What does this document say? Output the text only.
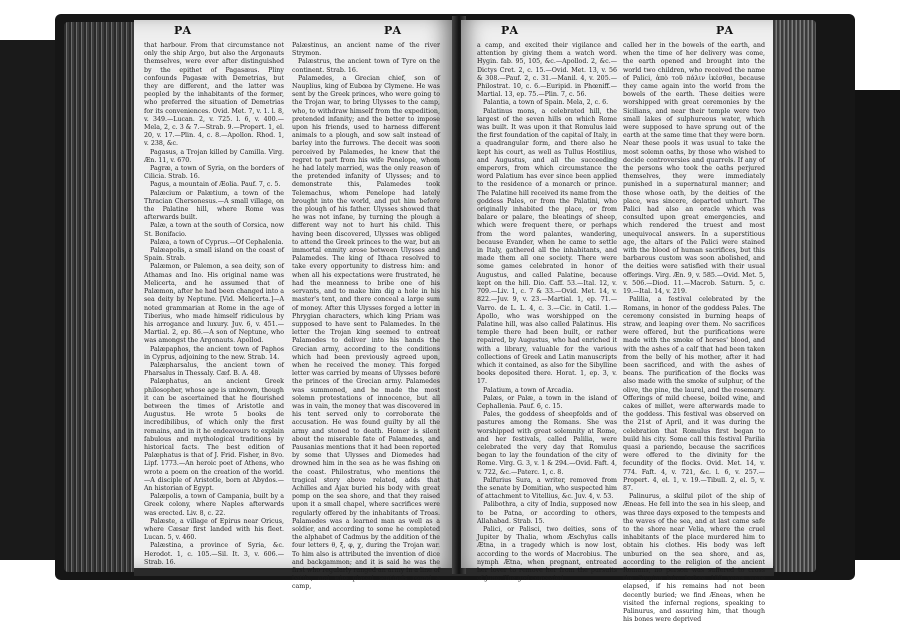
PA	PA

that harbour. From that circumstance not only the ship Argo, but also the Argonauts themselves, were ever after distinguished by the epithet of Pagasæus. Pliny confounds Pagasæ with Demetrias, but they are different, and the latter was peopled by the inhabitants of the former, who preferred the situation of Demetrias for its conveniences. Ovid. Met. 7, v. 1. l. 8, v. 349.—Lucan. 2, v. 725. l. 6, v. 400.—Mela, 2, c. 3 & 7.—Strab. 9.—Propert. 1, el. 20, v. 17.—Plin. 4, c. 8.—Apollon. Rhod. 1, v. 238, &c.

Pagasus, a Trojan killed by Camilla. Virg. Æn. 11, v. 670.

Pagræ, a town of Syria, on the borders of Cilicia. Strab. 16.

Pagus, a mountain of Æolia. Pauf. 7, c. 5.

Palæcium or Palætium, a town of the Thracian Chersonesus.—A small village, on the Palatine hill, where Rome was afterwards built.

Palæ, a town at the south of Corsica, now St. Bonifacio.

Palæa, a town of Cyprus.—Of Cephalenia.

Palæapolis, a small island on the coast of Spain. Strab.

Palæmon, or Palemon, a sea deity, son of Athamas and Ino. His original name was Melicerta, and he assumed that of Palæmon, after he had been changed into a sea deity by Neptune. [Vid. Melicerta.]—A noted grammarian at Rome in the age of Tiberius, who made himself ridiculous by his arrogance and luxury. Juv. 6, v. 451.—Martial. 2, ep. 86.—A son of Neptune, who was amongst the Argonauts. Apollod.

Palæpaphos, the ancient town of Paphos in Cyprus, adjoining to the new. Strab. 14.

Palæpharsalus, the ancient town of Pharsalus in Thessaly. Cæf. B. A. 48.

Palæphatus, an ancient Greek philosopher, whose age is unknown, though it can be ascertained that he flourished between the times of Aristotle and Augustus. He wrote 5 books de incredibilibus, of which only the first remains, and in it he endeavours to explain fabulous and mythological traditions by historical facts. The best edition of Palæphatus is that of J. Frid. Fisher, in 8vo. Lipf. 1773.—An heroic poet of Athens, who wrote a poem on the creation of the world.—A disciple of Aristotle, born at Abydos.—An historian of Egypt.

Palæpolis, a town of Campania, built by a Greek colony, where Naples afterwards was erected. Liv. 8, c. 22.

Palæste, a village of Epirus near Oricus, where Cæsar first landed with his fleet. Lucan. 5, v. 460.

Palæstina, a province of Syria, &c. Herodot. 1, c. 105.—Sil. It. 3, v. 606.—Strab. 16.

Palæstinus, an ancient name of the river Strymon.

Palæstrus, the ancient town of Tyre on the continent. Strab. 16.

Palamedes, a Grecian chief, son of Nauplius, king of Eubœa by Clymene. He was sent by the Greek princes, who were going to the Trojan war, to bring Ulysses to the camp, who, to withdraw himself from the expedition, pretended infanity; and the better to impose upon his friends, used to harness different animals to a plough, and sow salt instead of barley into the furrows. The deceit was soon perceived by Palamedes, he knew that the regret to part from his wife Penelope, whom he had lately married, was the only reason of the pretended infanity of Ulysses; and to demonstrate this, Palamedes took Telemachus, whom Penelope had lately brought into the world, and put him before the plough of his father. Ulysses showed that he was not infane, by turning the plough a different way not to hurt his child. This having been discovered, Ulysses was obliged to attend the Greek princes to the war, but an immortal enmity arose between Ulysses and Palamedes. The king of Ithaca resolved to take every opportunity to distress him: and when all his expectations were frustrated, he had the meanness to bribe one of his servants, and to make him dig a hole in his master's tent, and there conceal a large sum of money. After this Ulysses forged a letter in Phrygian characters, which king Priam was supposed to have sent to Palamedes. In the letter the Trojan king seemed to entreat Palamedes to deliver into his hands the Grecian army, according to the conditions which had been previously agreed upon, when he received the money. This forged letter was carried by means of Ulysses before the princes of the Grecian army. Palamedes was summoned, and he made the most solemn protestations of innocence, but all was in vain, the money that was discovered in his tent served only to corroborate the accusation. He was found guilty by all the army and stoned to death. Homer is silent about the miserable fate of Palamedes, and Pausanias mentions that it had been reported by some that Ulysses and Diomedes had drowned him in the sea as he was fishing on the coast. Philostratus, who mentions the tragical story above related, adds that Achilles and Ajax buried his body with great pomp on the sea shore, and that they raised upon it a small chapel, where sacrifices were regularly offered by the inhabitants of Troas. Palamedes was a learned man as well as a soldier, and according to some he completed the alphabet of Cadmus by the addition of the four letters θ, ξ, φ, χ, during the Trojan war. To him also is attributed the invention of dice and backgammon; and it is said he was the first who regularly ranged an army in a line of battle, and who placed sentinels round a camp,

PA	PA

a camp, and excited their vigilance and attention by giving them a watch word. Hygin. fab. 95, 105, &c.—Apollod. 2, &c.—Dictys Cret. 2, c. 15.—Ovid. Met. 13, v. 56 & 308.—Pauf. 2, c. 31.—Manil. 4, v. 205.—Philostrat. 10, c. 6.—Euripid. in Phœniff.—Martial. 13, ep. 75.—Plin. 7, c. 56.

Palantia, a town of Spain. Mela, 2, c. 6.

Palatinus mons, a celebrated hill, the largest of the seven hills on which Rome was built. It was upon it that Romulus laid the first foundation of the capital of Italy, in a quadrangular form, and there also he kept his court, as well as Tullus Hostilius, and Augustus, and all the succeeding emperors, from which circumstance the word Palatium has ever since been applied to the residence of a monarch or prince. The Palatine hill received its name from the goddess Pales, or from the Palatini, who originally inhabited the place, or from balare or palare, the bleatings of sheep, which were frequent there, or perhaps from the word palantes, wandering, because Evander, when he came to settle in Italy, gathered all the inhabitants, and made them all one society. There were some games celebrated in honor of Augustus, and called Palatine, because kept on the hill. Dio. Caff. 53.—Ital. 12, v. 709.—Liv. 1, c. 7 & 33.—Ovid. Met. 14, v. 822.—Juv. 9, v. 23.—Martial. 1, ep. 71.—Varro. de L. L. 4, c. 3.—Cic. in Catil. 1.—Apollo, who was worshipped on the Palatine hill, was also called Palatinus. His temple there had been built, or rather repaired, by Augustus, who had enriched it with a library, valuable for the various collections of Greek and Latin manuscripts which it contained, as also for the Sibylline books deposited there. Horat. 1, ep. 3, v. 17.

Palatium, a town of Arcadia.

Palæs, or Palæ, a town in the island of Cephallenia. Pauf. 6, c. 15.

Pales, the goddess of sheepfolds and of pastures among the Romans. She was worshipped with great solemnity at Rome, and her festivals, called Palilia, were celebrated the very day that Romulus began to lay the foundation of the city of Rome. Virg. G. 3, v. 1 & 294.—Ovid. Faft. 4, v. 722, &c.—Paterc. 1, c. 8.

Palfurius Sura, a writer, removed from the senate by Domitian, who suspected him of attachment to Vitellius, &c. Juv. 4, v. 53.

Palibothra, a city of India, supposed now to be Patna, or according to others, Allahabad. Strab. 15.

Palici, or Palisci, two deities, sons of Jupiter by Thalia, whom Æschylus calls Ætna, in a tragedy which is now lost, according to the words of Macrobius. The nymph Ætna, when pregnant, entreated her lover to remove her from the pursuits of Juno. The god concealed

called her in the bowels of the earth, and when the time of her delivery was come, the earth opened and brought into the world two children, who received the name of Palici, ἀπὸ τοῦ πάλιν ἱκέσθαι, because they came again into the world from the bowels of the earth. These deities were worshipped with great ceremonies by the Sicilians, and near their temple were two small lakes of sulphureous water, which were supposed to have sprung out of the earth at the same time that they were born. Near these pools it was usual to take the most solemn oaths, by those who wished to decide controversies and quarrels. If any of the persons who took the oaths perjured themselves, they were immediately punished in a supernatural manner; and those whose oath, by the deities of the place, was sincere, departed unhurt. The Palici had also an oracle which was consulted upon great emergencies, and which rendered the truest and most unequivocal answers. In a superstitious age, the altars of the Palici were stained with the blood of human sacrifices, but this barbarous custom was soon abolished, and the deities were satisfied with their usual offerings. Virg. Æn. 9, v. 585.—Ovid. Met. 5, v. 506.—Diod. 11.—Macrob. Saturn. 5, c. 19.—Ital. 14, v. 219.

Palilia, a festival celebrated by the Romans, in honor of the goddess Pales. The ceremony consisted in burning heaps of straw, and leaping over them. No sacrifices were offered, but the purifications were made with the smoke of horses' blood, and with the ashes of a calf that had been taken from the belly of his mother, after it had been sacrificed, and with the ashes of beans. The purification of the flocks was also made with the smoke of sulphur, of the olive, the pine, the laurel, and the rosemary. Offerings of mild cheese, boiled wine, and cakes of millet, were afterwards made to the goddess. This festival was observed on the 21st of April, and it was during the celebration that Romulus first began to build his city. Some call this festival Parilia quasi a pariendo, because the sacrifices were offered to the divinity for the fecundity of the flocks. Ovid. Met. 14, v. 774. Faft. 4, v. 721, &c. l. 6, v. 257.—Propert. 4, el. 1, v. 19.—Tibull. 2, el. 5, v. 87.

Palinurus, a skilful pilot of the ship of Æneas. He fell into the sea in his sleep, and was three days exposed to the tempests and the waves of the sea, and at last came safe to the shore near Velia, where the cruel inhabitants of the place murdered him to obtain his clothes. His body was left unburied on the sea shore, and as, according to the religion of the ancient Romans, no person was suffered to cross the Stygian lake before 100 years were elapsed, if his remains had not been decently buried; we find Æneas, when he visited the infernal regions, speaking to Palinurus, and assuring him, that though his bones were deprived
